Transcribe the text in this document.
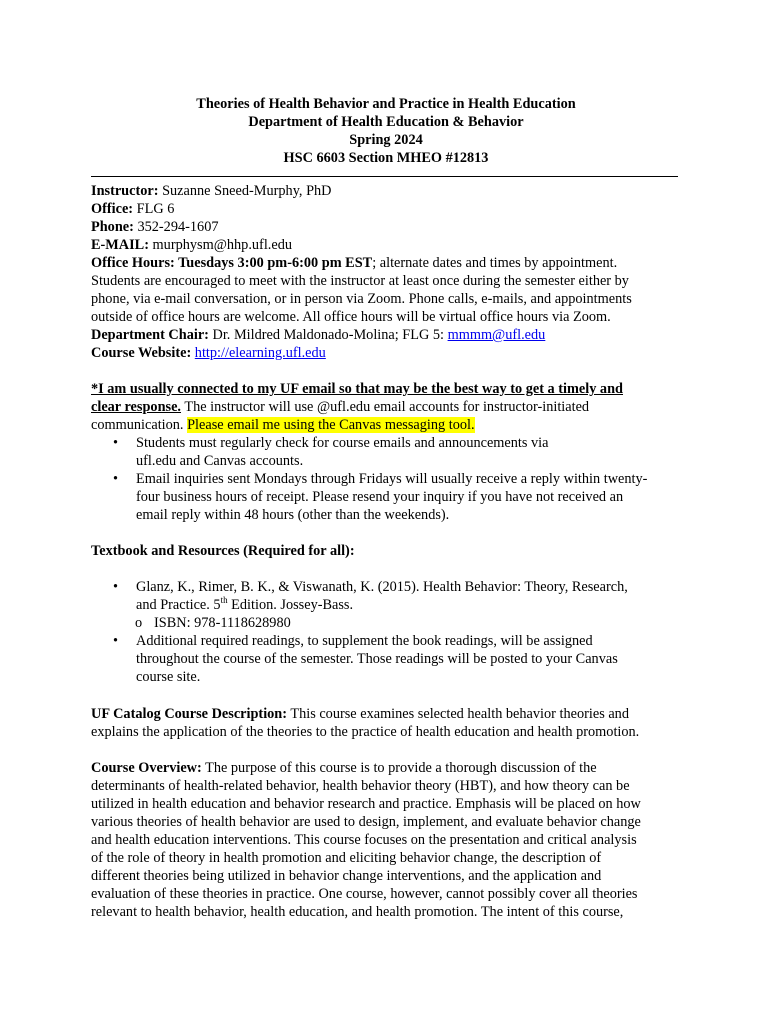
Theories of Health Behavior and Practice in Health Education
Department of Health Education & Behavior
Spring 2024
HSC 6603 Section MHEO #12813
Instructor: Suzanne Sneed-Murphy, PhD
Office: FLG 6
Phone: 352-294-1607
E-MAIL: murphysm@hhp.ufl.edu
Office Hours: Tuesdays 3:00 pm-6:00 pm EST; alternate dates and times by appointment.
Students are encouraged to meet with the instructor at least once during the semester either by
phone, via e-mail conversation, or in person via Zoom. Phone calls, e-mails, and appointments
outside of office hours are welcome. All office hours will be virtual office hours via Zoom.
Department Chair: Dr. Mildred Maldonado-Molina; FLG 5: mmmm@ufl.edu
Course Website: http://elearning.ufl.edu
*I am usually connected to my UF email so that may be the best way to get a timely and
clear response. The instructor will use @ufl.edu email accounts for instructor-initiated
communication. Please email me using the Canvas messaging tool.
• Students must regularly check for course emails and announcements via
ufl.edu and Canvas accounts.
• Email inquiries sent Mondays through Fridays will usually receive a reply within twenty-
four business hours of receipt. Please resend your inquiry if you have not received an
email reply within 48 hours (other than the weekends).
Textbook and Resources (Required for all):
• Glanz, K., Rimer, B. K., & Viswanath, K. (2015). Health Behavior: Theory, Research,
and Practice. 5th Edition. Jossey-Bass.
o ISBN: 978-1118628980
• Additional required readings, to supplement the book readings, will be assigned
throughout the course of the semester. Those readings will be posted to your Canvas
course site.
UF Catalog Course Description: This course examines selected health behavior theories and
explains the application of the theories to the practice of health education and health promotion.
Course Overview: The purpose of this course is to provide a thorough discussion of the
determinants of health-related behavior, health behavior theory (HBT), and how theory can be
utilized in health education and behavior research and practice. Emphasis will be placed on how
various theories of health behavior are used to design, implement, and evaluate behavior change
and health education interventions. This course focuses on the presentation and critical analysis
of the role of theory in health promotion and eliciting behavior change, the description of
different theories being utilized in behavior change interventions, and the application and
evaluation of these theories in practice. One course, however, cannot possibly cover all theories
relevant to health behavior, health education, and health promotion. The intent of this course,
